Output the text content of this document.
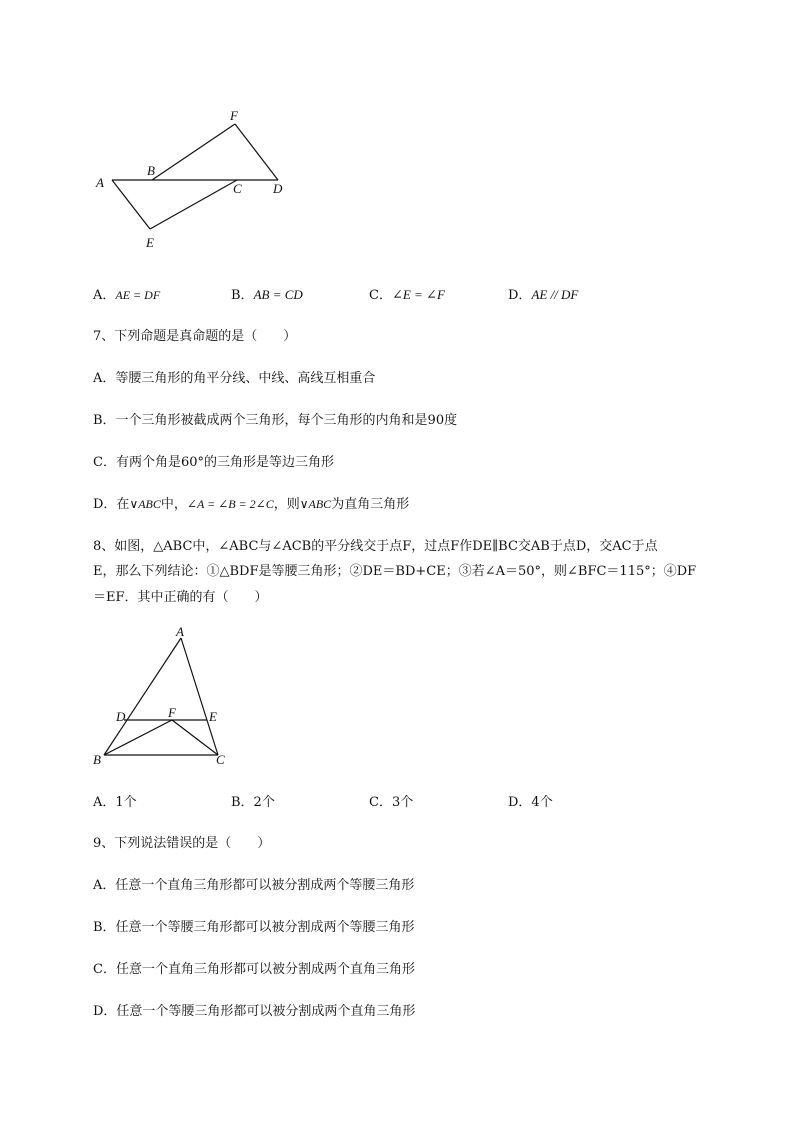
A
B
C D
E
F
A．AE = DF	B．AB = CD	C．∠E = ∠F	D．AE // DF
7、下列命题是真命题的是（　　）
A．等腰三角形的角平分线、中线、高线互相重合
B．一个三角形被截成两个三角形，每个三角形的内角和是90度
C．有两个角是60°的三角形是等边三角形
D．在∨ABC中，∠A = ∠B = 2∠C，则∨ABC为直角三角形
8、如图，△ABC中，∠ABC与∠ACB的平分线交于点F，过点F作DE∥BC交AB于点D，交AC于点
E，那么下列结论：①△BDF是等腰三角形；②DE＝BD+CE；③若∠A＝50°，则∠BFC＝115°；④DF
＝EF．其中正确的有（　　）
A
D	F	E
B	C
A．1个	B．2个	C．3个	D．4个
9、下列说法错误的是（　　）
A．任意一个直角三角形都可以被分割成两个等腰三角形
B．任意一个等腰三角形都可以被分割成两个等腰三角形
C．任意一个直角三角形都可以被分割成两个直角三角形
D．任意一个等腰三角形都可以被分割成两个直角三角形
